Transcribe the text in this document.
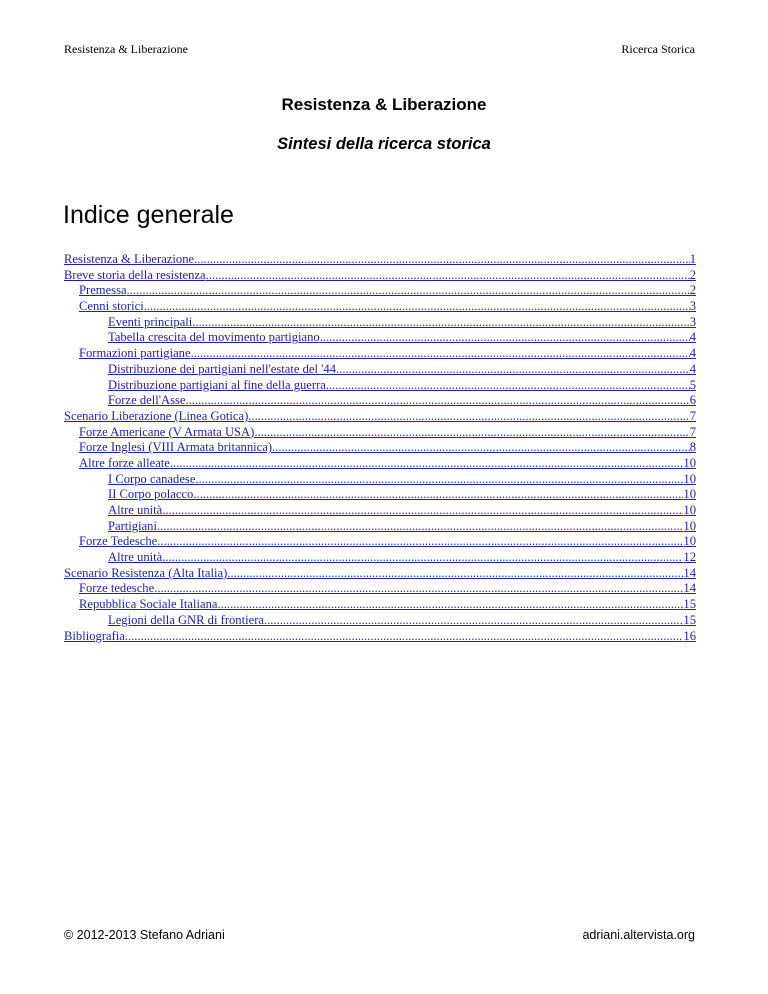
Resistenza & Liberazione	Ricerca Storica
Resistenza & Liberazione
Sintesi della ricerca storica
Indice generale
Resistenza & Liberazione .....	1
Breve storia della resistenza .....	2
Premessa .....	2
Cenni storici .....	3
Eventi principali .....	3
Tabella crescita del movimento partigiano .....	4
Formazioni partigiane .....	4
Distribuzione dei partigiani nell'estate del '44 .....	4
Distribuzione partigiani al fine della guerra .....	5
Forze dell'Asse .....	6
Scenario Liberazione (Linea Gotica) .....	7
Forze Americane (V Armata USA) .....	7
Forze Inglesi (VIII Armata britannica) .....	8
Altre forze alleate .....	10
I Corpo canadese .....	10
II Corpo polacco .....	10
Altre unità .....	10
Partigiani .....	10
Forze Tedesche .....	10
Altre unità .....	12
Scenario Resistenza (Alta Italia) .....	14
Forze tedesche .....	14
Repubblica Sociale Italiana .....	15
Legioni della GNR di frontiera .....	15
Bibliografia .....	16
© 2012-2013 Stefano Adriani	adriani.altervista.org
